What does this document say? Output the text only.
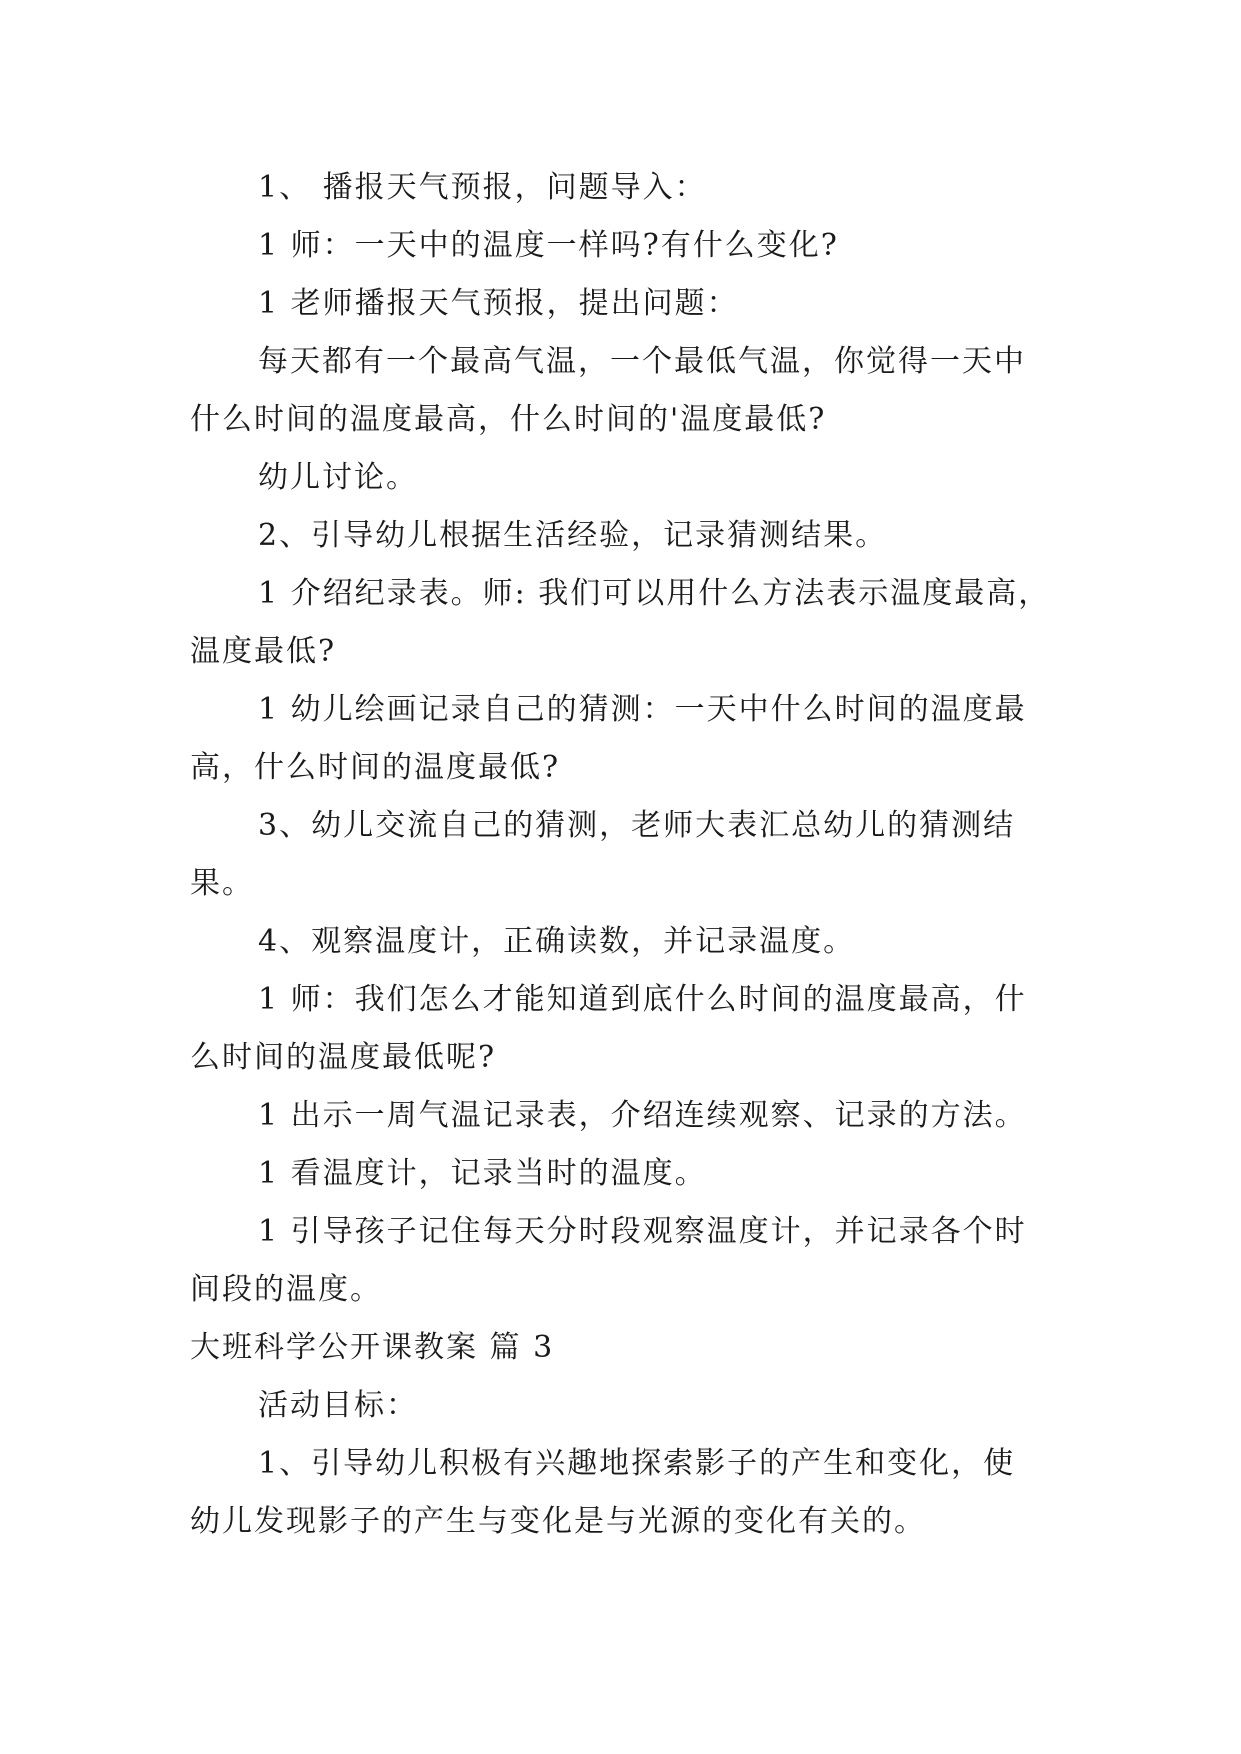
1、 播报天气预报，问题导入：
1 师：一天中的温度一样吗?有什么变化?
1 老师播报天气预报，提出问题：
每天都有一个最高气温，一个最低气温，你觉得一天中
什么时间的温度最高，什么时间的'温度最低?
幼儿讨论。
2、引导幼儿根据生活经验，记录猜测结果。
1 介绍纪录表。师: 我们可以用什么方法表示温度最高，
温度最低?
1 幼儿绘画记录自己的猜测：一天中什么时间的温度最
高，什么时间的温度最低?
3、幼儿交流自己的猜测，老师大表汇总幼儿的猜测结
果。
4、观察温度计，正确读数，并记录温度。
1 师：我们怎么才能知道到底什么时间的温度最高，什
么时间的温度最低呢?
1 出示一周气温记录表，介绍连续观察、记录的方法。
1 看温度计，记录当时的温度。
1 引导孩子记住每天分时段观察温度计，并记录各个时
间段的温度。
大班科学公开课教案 篇 3
活动目标：
1、引导幼儿积极有兴趣地探索影子的产生和变化，使
幼儿发现影子的产生与变化是与光源的变化有关的。
